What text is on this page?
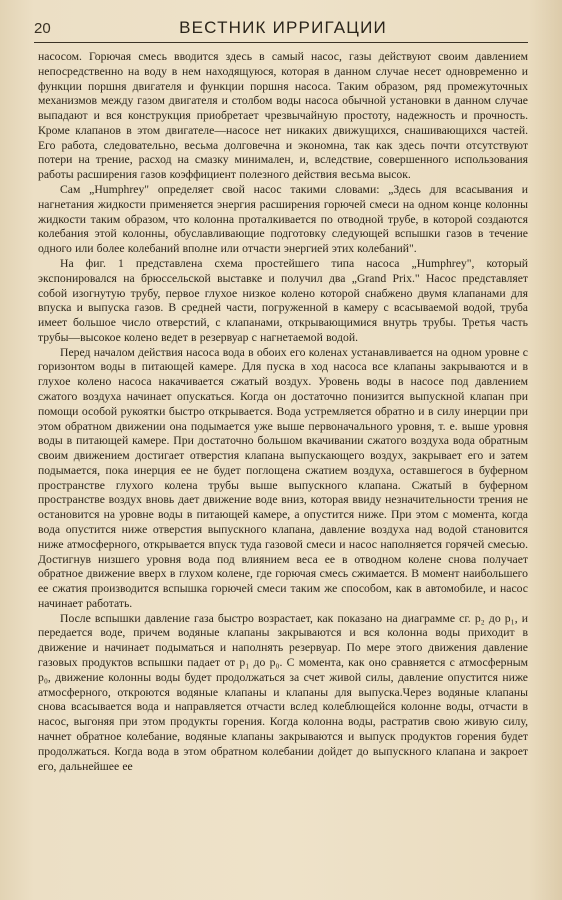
20	ВЕСТНИК ИРРИГАЦИИ

насосом. Горючая смесь вводится здесь в самый насос, газы действуют своим давлением непосредственно на воду в нем находящуюся, которая в данном случае несет одновременно и функции поршня двигателя и функции поршня насоса. Таким образом, ряд промежуточных механизмов между газом двигателя и столбом воды насоса обычной установки в данном случае выпадают и вся конструкция приобретает чрезвычайную простоту, надежность и прочность. Кроме клапанов в этом двигателе—насосе нет никаких движущихся, снашивающихся частей. Его работа, следовательно, весьма долговечна и экономна, так как здесь почти отсутствуют потери на трение, расход на смазку минимален, и, вследствие, совершенного использования работы расширения газов коэффициент полезного действия весьма высок.

Сам „Humphrey" определяет свой насос такими словами: „Здесь для всасывания и нагнетания жидкости применяется энергия расширения горючей смеси на одном конце колонны жидкости таким образом, что колонна проталкивается по отводной трубе, в которой создаются колебания этой колонны, обуславливающие подготовку следующей вспышки газов в течение одного или более колебаний вполне или отчасти энергией этих колебаний".

На фиг. 1 представлена схема простейшего типа насоса „Humphrey", который экспонировался на брюссельской выставке и получил два „Grand Prix." Насос представляет собой изогнутую трубу, первое глухое низкое колено которой снабжено двумя клапанами для впуска и выпуска газов. В средней части, погруженной в камеру с всасываемой водой, труба имеет большое число отверстий, с клапанами, открывающимися внутрь трубы. Третья часть трубы—высокое колено ведет в резервуар с нагнетаемой водой.

Перед началом действия насоса вода в обоих его коленах устанавливается на одном уровне с горизонтом воды в питающей камере. Для пуска в ход насоса все клапаны закрываются и в глухое колено насоса накачивается сжатый воздух. Уровень воды в насосе под давлением сжатого воздуха начинает опускаться. Когда он достаточно понизится выпускной клапан при помощи особой рукоятки быстро открывается. Вода устремляется обратно и в силу инерции при этом обратном движении она подымается уже выше первоначального уровня, т. е. выше уровня воды в питающей камере. При достаточно большом вкачивании сжатого воздуха вода обратным своим движением достигает отверстия клапана выпускающего воздух, закрывает его и затем подымается, пока инерция ее не будет поглощена сжатием воздуха, оставшегося в буферном пространстве глухого колена трубы выше выпускного клапана. Сжатый в буферном пространстве воздух вновь дает движение воде вниз, которая ввиду незначительности трения не остановится на уровне воды в питающей камере, а опустится ниже. При этом с момента, когда вода опустится ниже отверстия выпускного клапана, давление воздуха над водой становится ниже атмосферного, открывается впуск туда газовой смеси и насос наполняется горячей смесью. Достигнув низшего уровня вода под влиянием веса ее в отводном колене снова получает обратное движение вверх в глухом колене, где горючая смесь сжимается. В момент наибольшего ее сжатия производится вспышка горючей смеси таким же способом, как в автомобиле, и насос начинает работать.

После вспышки давление газа быстро возрастает, как показано на диаграмме сг. p₂ до p₁, и передается воде, причем водяные клапаны закрываются и вся колонна воды приходит в движение и начинает подыматься и наполнять резервуар. По мере этого движения давление газовых продуктов вспышки падает от p₁ до p₀. С момента, как оно сравняется с атмосферным p₀, движение колонны воды будет продолжаться за счет живой силы, давление опустится ниже атмосферного, откроются водяные клапаны и клапаны для выпуска.Через водяные клапаны снова всасывается вода и направляется отчасти вслед колеблющейся колонне воды, отчасти в насос, выгоняя при этом продукты горения. Когда колонна воды, растратив свою живую силу, начнет обратное колебание, водяные клапаны закрываются и выпуск продуктов горения будет продолжаться. Когда вода в этом обратном колебании дойдет до выпускного клапана и закроет его, дальнейшее ее
